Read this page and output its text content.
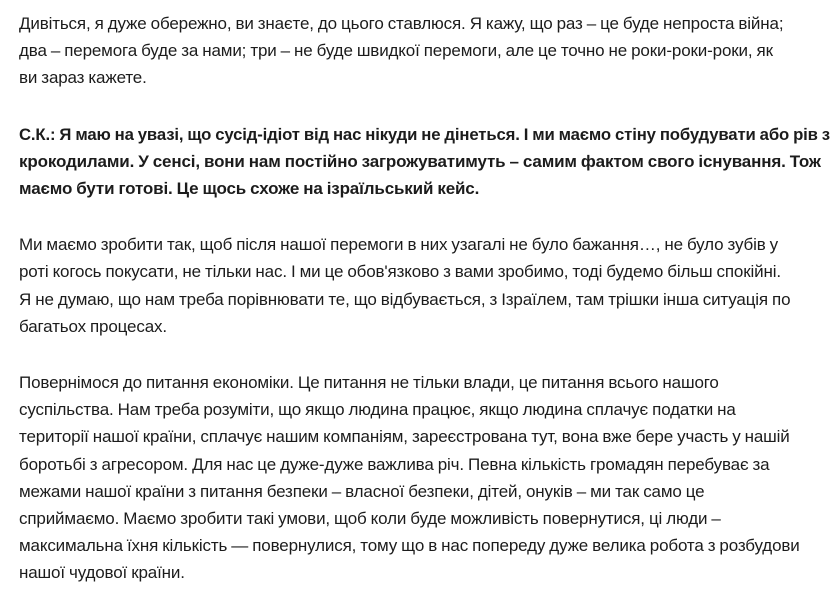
Дивіться, я дуже обережно, ви знаєте, до цього ставлюся. Я кажу, що раз – це буде непроста війна;
два – перемога буде за нами; три – не буде швидкої перемоги, але це точно не роки-роки-роки, як
ви зараз кажете.

С.К.: Я маю на увазі, що сусід-ідіот від нас нікуди не дінеться. І ми маємо стіну побудувати або рів з
крокодилами. У сенсі, вони нам постійно загрожуватимуть – самим фактом свого існування. Тож
маємо бути готові. Це щось схоже на ізраїльський кейс.

Ми маємо зробити так, щоб після нашої перемоги в них узагалі не було бажання…, не було зубів у
роті когось покусати, не тільки нас. І ми це обов'язково з вами зробимо, тоді будемо більш спокійні.
Я не думаю, що нам треба порівнювати те, що відбувається, з Ізраїлем, там трішки інша ситуація по
багатьох процесах.

Повернімося до питання економіки. Це питання не тільки влади, це питання всього нашого
суспільства. Нам треба розуміти, що якщо людина працює, якщо людина сплачує податки на
території нашої країни, сплачує нашим компаніям, зареєстрована тут, вона вже бере участь у нашій
боротьбі з агресором. Для нас це дуже-дуже важлива річ. Певна кількість громадян перебуває за
межами нашої країни з питання безпеки – власної безпеки, дітей, онуків – ми так само це
сприймаємо. Маємо зробити такі умови, щоб коли буде можливість повернутися, ці люди –
максимальна їхня кількість — повернулися, тому що в нас попереду дуже велика робота з розбудови
нашої чудової країни.
